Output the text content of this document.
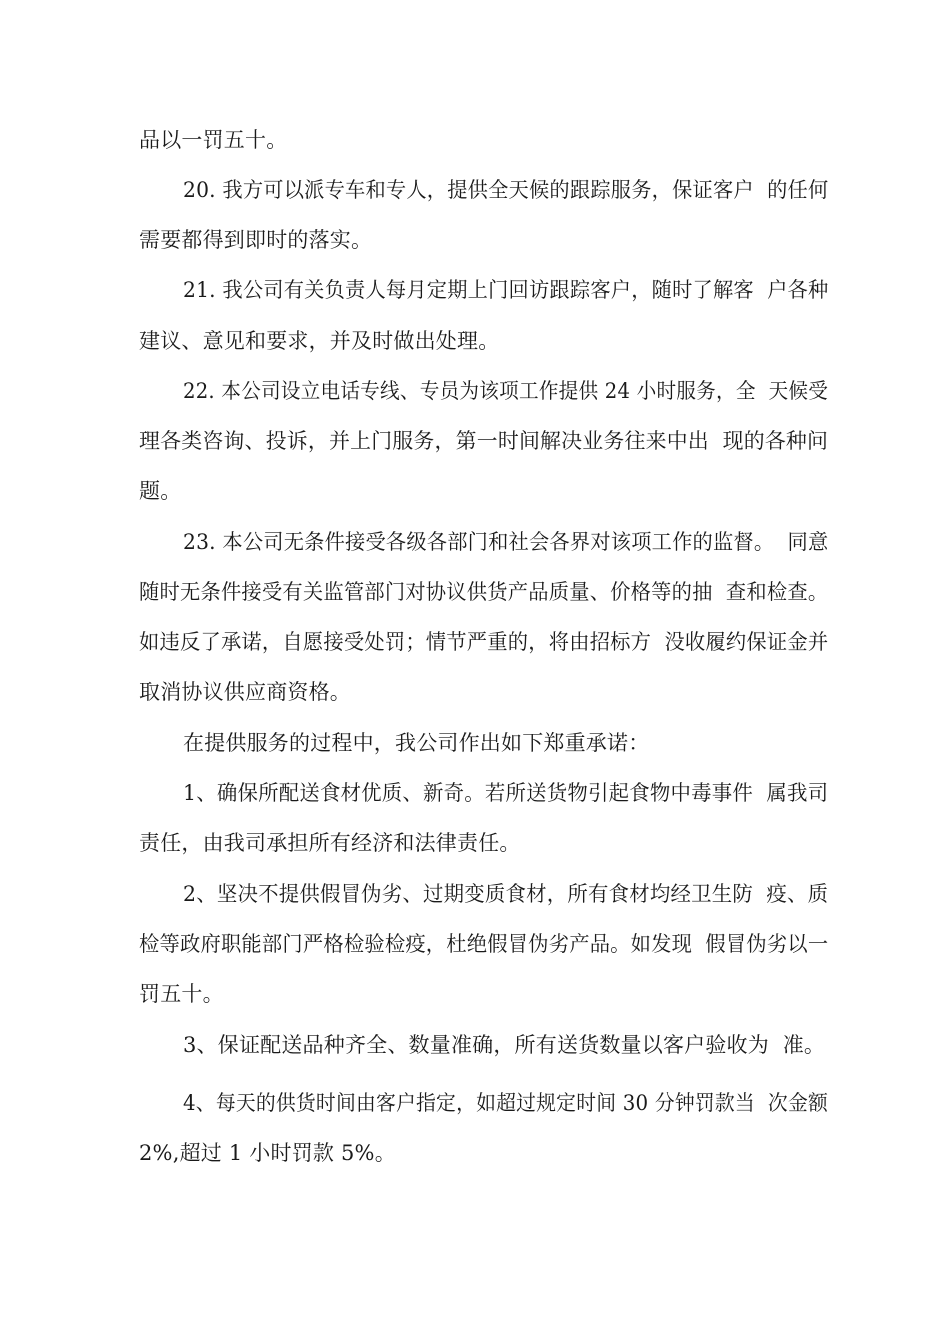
品以一罚五十。
20. 我方可以派专车和专人，提供全天候的跟踪服务，保证客户  的任何
需要都得到即时的落实。
21. 我公司有关负责人每月定期上门回访跟踪客户，随时了解客  户各种
建议、意见和要求，并及时做出处理。
22. 本公司设立电话专线、专员为该项工作提供 24 小时服务，全  天候受
理各类咨询、投诉，并上门服务，第一时间解决业务往来中出  现的各种问
题。
23. 本公司无条件接受各级各部门和社会各界对该项工作的监督。  同意
随时无条件接受有关监管部门对协议供货产品质量、价格等的抽  查和检查。
如违反了承诺，自愿接受处罚；情节严重的，将由招标方  没收履约保证金并
取消协议供应商资格。
在提供服务的过程中，我公司作出如下郑重承诺：
1、确保所配送食材优质、新奇。若所送货物引起食物中毒事件  属我司
责任，由我司承担所有经济和法律责任。
2、坚决不提供假冒伪劣、过期变质食材，所有食材均经卫生防  疫、质
检等政府职能部门严格检验检疫，杜绝假冒伪劣产品。如发现  假冒伪劣以一
罚五十。
3、保证配送品种齐全、数量准确，所有送货数量以客户验收为  准。
4、每天的供货时间由客户指定，如超过规定时间 30 分钟罚款当  次金额
2%,超过 1 小时罚款 5%。
